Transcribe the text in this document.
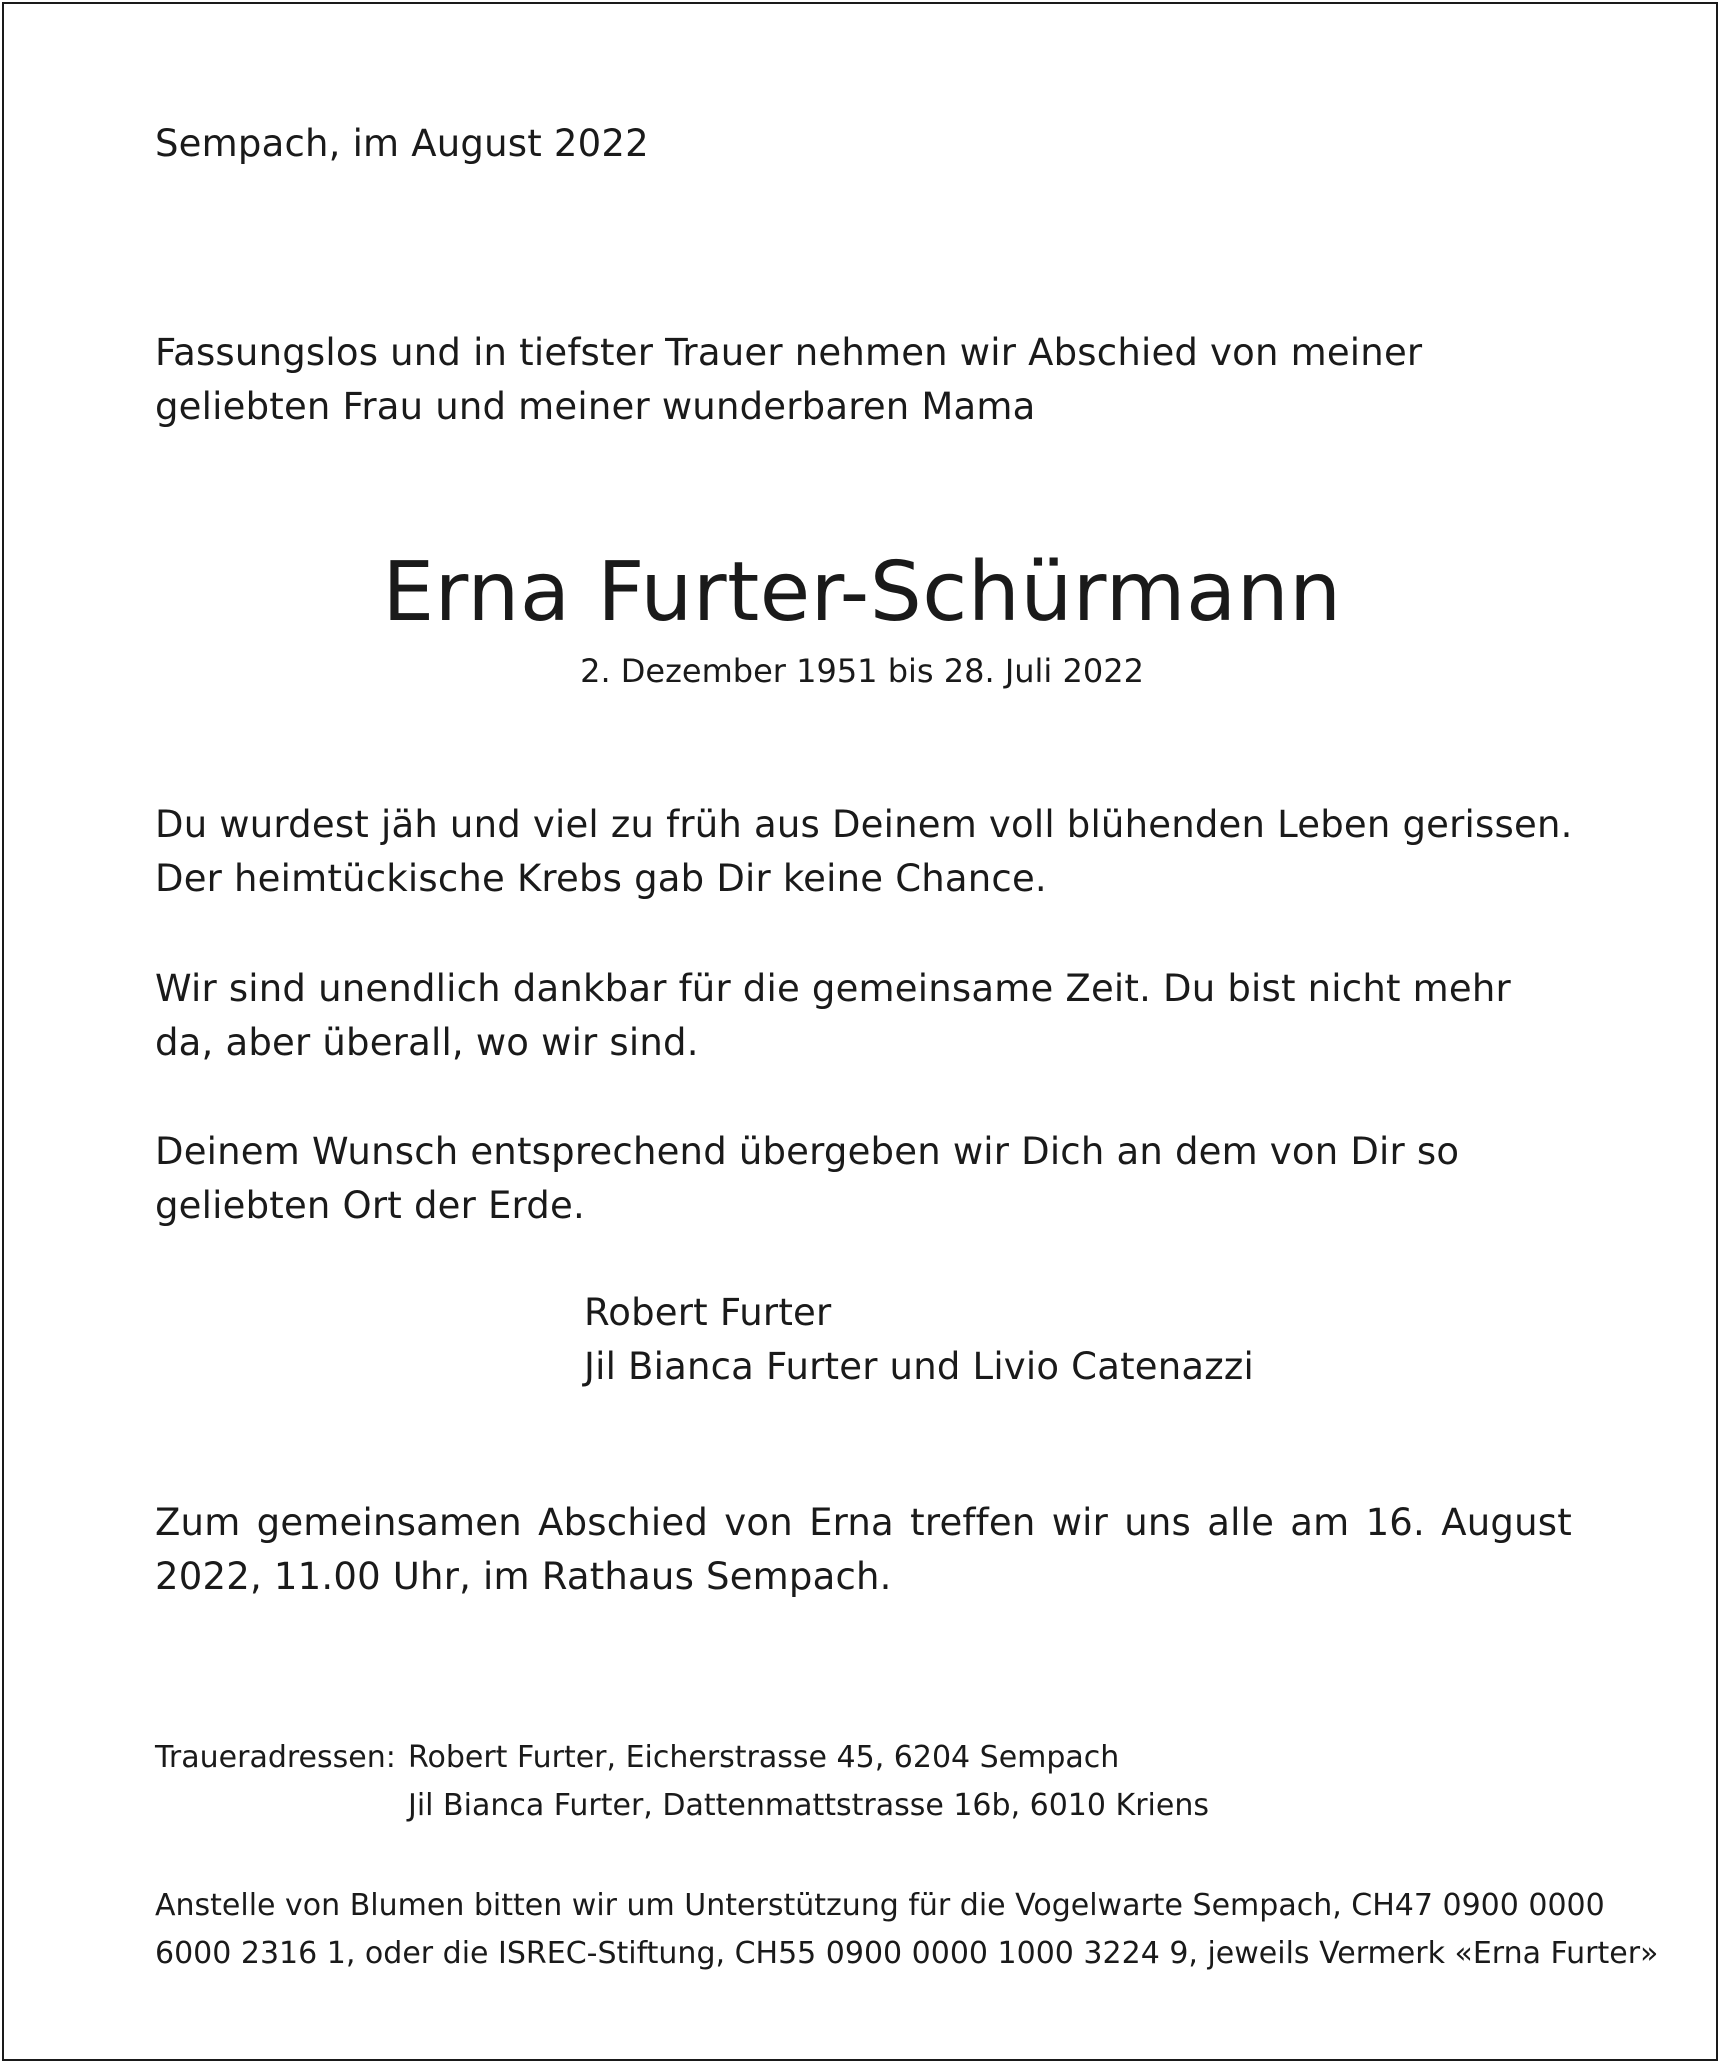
Sempach, im August 2022

Fassungslos und in tiefster Trauer nehmen wir Abschied von meiner
geliebten Frau und meiner wunderbaren Mama
Erna Furter-Schürmann

2. Dezember 1951 bis 28. Juli 2022

Du wurdest jäh und viel zu früh aus Deinem voll blühenden Leben gerissen.
Der heimtückische Krebs gab Dir keine Chance.
Wir sind unendlich dankbar für die gemeinsame Zeit. Du bist nicht mehr
da, aber überall, wo wir sind.
Deinem Wunsch entsprechend übergeben wir Dich an dem von Dir so
geliebten Ort der Erde.
Robert Furter
Jil Bianca Furter und Livio Catenazzi
Zum gemeinsamen Abschied von Erna treffen wir uns alle am 16. August
2022, 11.00 Uhr, im Rathaus Sempach.
Traueradressen: Robert Furter, Eicherstrasse 45, 6204 Sempach
Jil Bianca Furter, Dattenmattstrasse 16b, 6010 Kriens
Anstelle von Blumen bitten wir um Unterstützung für die Vogelwarte Sempach, CH47 0900 0000
6000 2316 1, oder die ISREC-Stiftung, CH55 0900 0000 1000 3224 9, jeweils Vermerk «Erna Furter»
